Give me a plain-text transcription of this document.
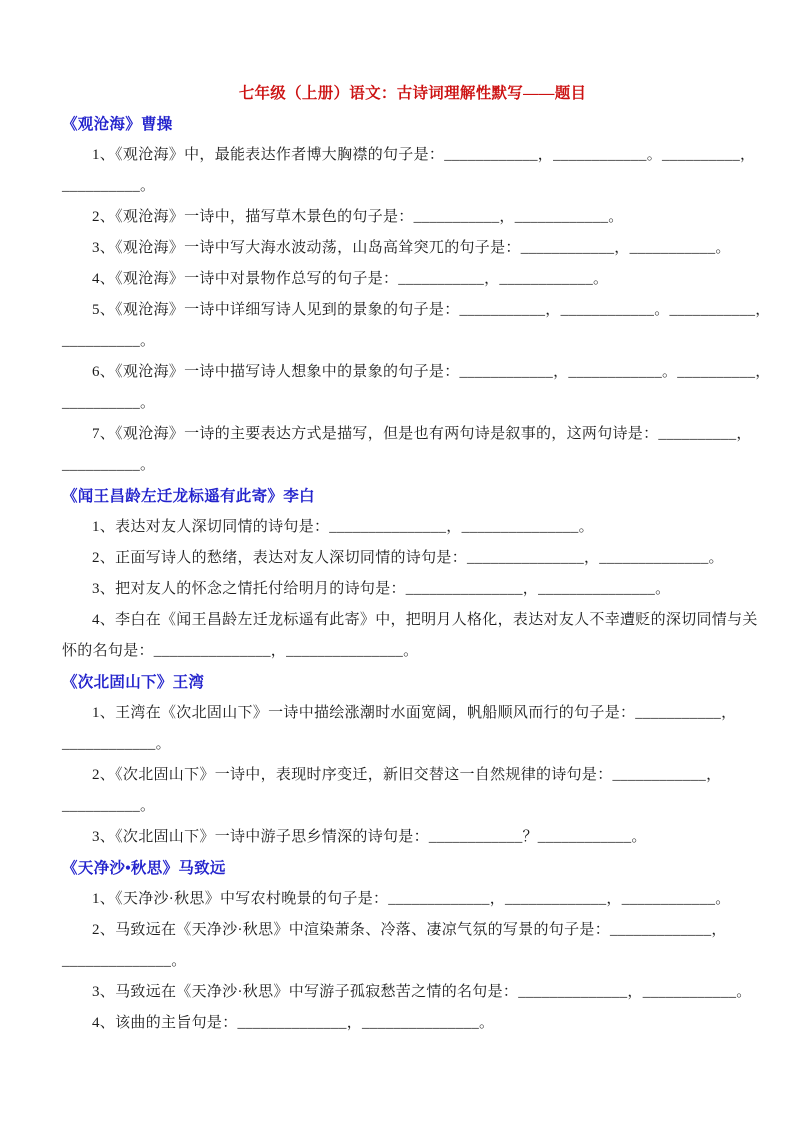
七年级（上册）语文：古诗词理解性默写——题目
《观沧海》曹操
1、《观沧海》中，最能表达作者博大胸襟的句子是：____________，____________。__________，
__________。
2、《观沧海》一诗中，描写草木景色的句子是：___________，____________。
3、《观沧海》一诗中写大海水波动荡，山岛高耸突兀的句子是：____________，___________。
4、《观沧海》一诗中对景物作总写的句子是：___________，____________。
5、《观沧海》一诗中详细写诗人见到的景象的句子是：___________，____________。___________，
__________。
6、《观沧海》一诗中描写诗人想象中的景象的句子是：____________，____________。__________，
__________。
7、《观沧海》一诗的主要表达方式是描写，但是也有两句诗是叙事的，这两句诗是：__________，
__________。
《闻王昌龄左迁龙标遥有此寄》李白
1、表达对友人深切同情的诗句是：_______________，_______________。
2、正面写诗人的愁绪，表达对友人深切同情的诗句是：_______________，______________。
3、把对友人的怀念之情托付给明月的诗句是：_______________，_______________。
4、李白在《闻王昌龄左迁龙标遥有此寄》中，把明月人格化，表达对友人不幸遭贬的深切同情与关
怀的名句是：_______________，_______________。
《次北固山下》王湾
1、王湾在《次北固山下》一诗中描绘涨潮时水面宽阔，帆船顺风而行的句子是：___________，
____________。
2、《次北固山下》一诗中，表现时序变迁，新旧交替这一自然规律的诗句是：____________，
__________。
3、《次北固山下》一诗中游子思乡情深的诗句是：____________？____________。
《天净沙•秋思》马致远
1、《天净沙·秋思》中写农村晚景的句子是：_____________，_____________，____________。
2、马致远在《天净沙·秋思》中渲染萧条、冷落、凄凉气氛的写景的句子是：_____________，
______________。
3、马致远在《天净沙·秋思》中写游子孤寂愁苦之情的名句是：______________，____________。
4、该曲的主旨句是：______________，_______________。
